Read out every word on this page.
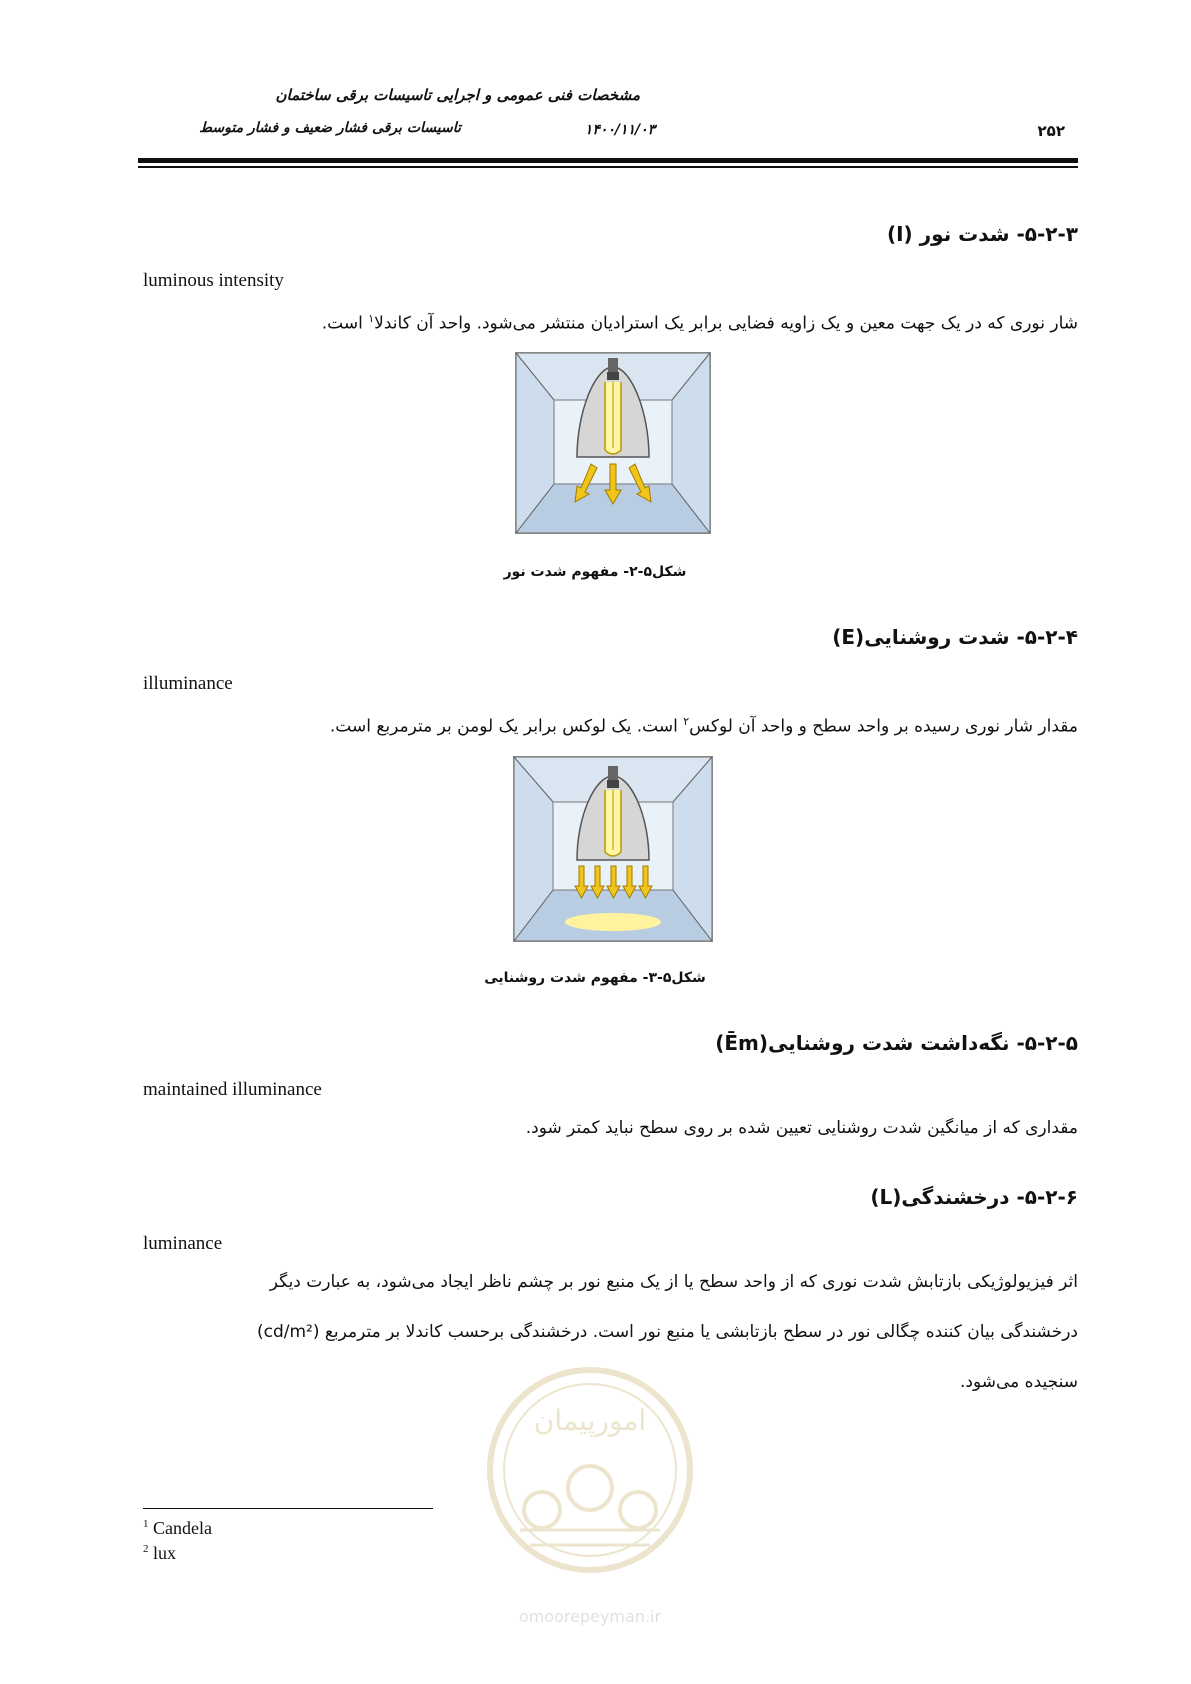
مشخصات فنی عمومی و اجرایی تاسیسات برقی ساختمان
تاسیسات برقی فشار ضعیف و فشار متوسط	۱۴۰۰/۱۱/۰۳	۲۵۲
۵-۲-۳- شدت نور (I)
luminous intensity
شار نوری که در یک جهت معین و یک زاویه فضایی برابر یک استرادیان منتشر می‌شود. واحد آن کاندلا$^۱$ است.
شکل۵-۲- مفهوم شدت نور
۵-۲-۴- شدت روشنایی(E)
illuminance
مقدار شار نوری رسیده بر واحد سطح و واحد آن لوکس$^۲$ است. یک لوکس برابر یک لومن بر مترمربع است.
شکل۵-۳- مفهوم شدت روشنایی
۵-۲-۵- نگه‌داشت شدت روشنایی(Ēm)
maintained illuminance
مقداری که از میانگین شدت روشنایی تعیین شده بر روی سطح نباید کمتر شود.
۵-۲-۶- درخشندگی(L)
luminance
اثر فیزیولوژیکی بازتابش شدت نوری که از واحد سطح یا از یک منبع نور بر چشم ناظر ایجاد می‌شود، به عبارت دیگر
درخشندگی بیان کننده چگالی نور در سطح بازتابشی یا منبع نور است. درخشندگی برحسب کاندلا بر مترمربع (cd/m²)
سنجیده می‌شود.
امورپیمان
omoorepeyman.ir
$^1$ Candela
$^2$ lux
